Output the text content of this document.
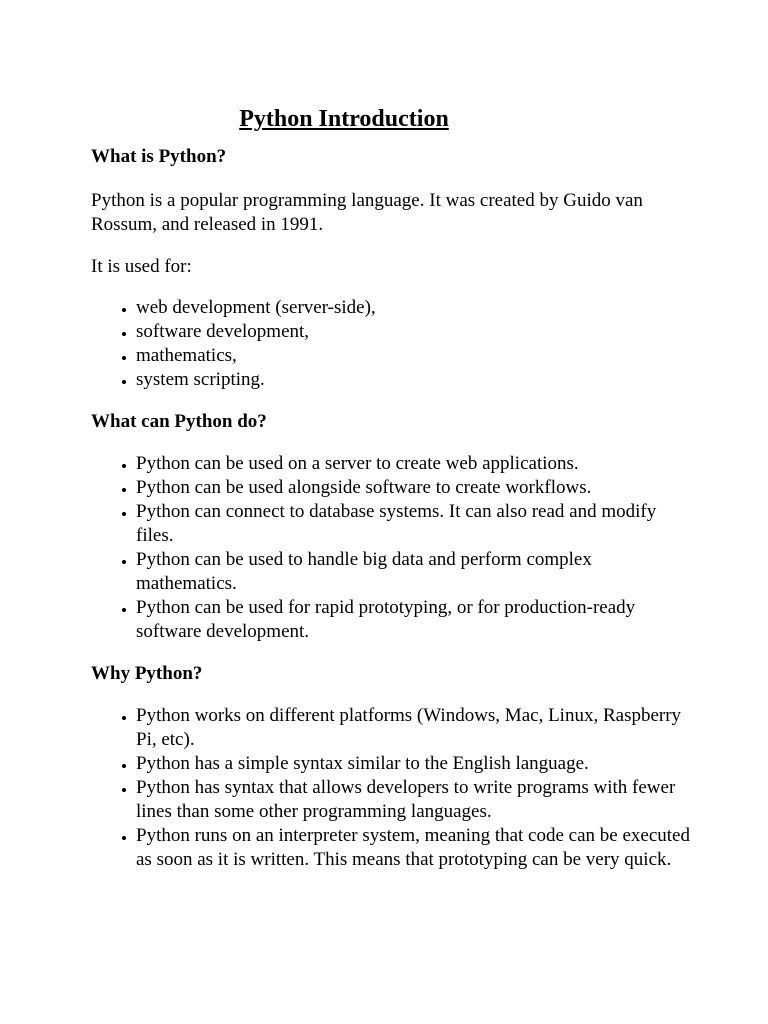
Python Introduction
What is Python?

Python is a popular programming language. It was created by Guido van Rossum, and released in 1991.

It is used for:

• web development (server-side),
• software development,
• mathematics,
• system scripting.
What can Python do?
• Python can be used on a server to create web applications.
• Python can be used alongside software to create workflows.
• Python can connect to database systems. It can also read and modify files.
• Python can be used to handle big data and perform complex mathematics.
• Python can be used for rapid prototyping, or for production-ready software development.
Why Python?
• Python works on different platforms (Windows, Mac, Linux, Raspberry Pi, etc).
• Python has a simple syntax similar to the English language.
• Python has syntax that allows developers to write programs with fewer lines than some other programming languages.
• Python runs on an interpreter system, meaning that code can be executed as soon as it is written. This means that prototyping can be very quick.
